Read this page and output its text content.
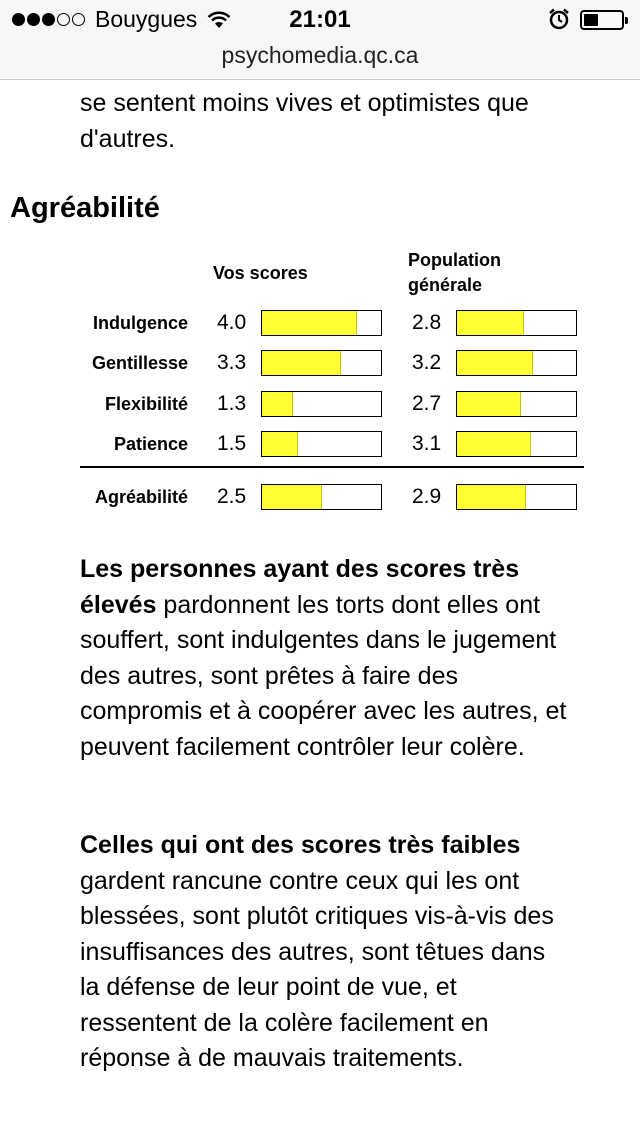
Bouygues	21:01
psychomedia.qc.ca
se sentent moins vives et optimistes que d'autres.
Agréabilité
Vos scores
Population
générale
Indulgence 4.0	2.8
Gentillesse 3.3	3.2
Flexibilité 1.3	2.7
Patience 1.5	3.1
Agréabilité 2.5	2.9
Les personnes ayant des scores très élevés pardonnent les torts dont elles ont souffert, sont indulgentes dans le jugement des autres, sont prêtes à faire des compromis et à coopérer avec les autres, et peuvent facilement contrôler leur colère.
Celles qui ont des scores très faibles gardent rancune contre ceux qui les ont blessées, sont plutôt critiques vis-à-vis des insuffisances des autres, sont têtues dans la défense de leur point de vue, et ressentent de la colère facilement en réponse à de mauvais traitements.
